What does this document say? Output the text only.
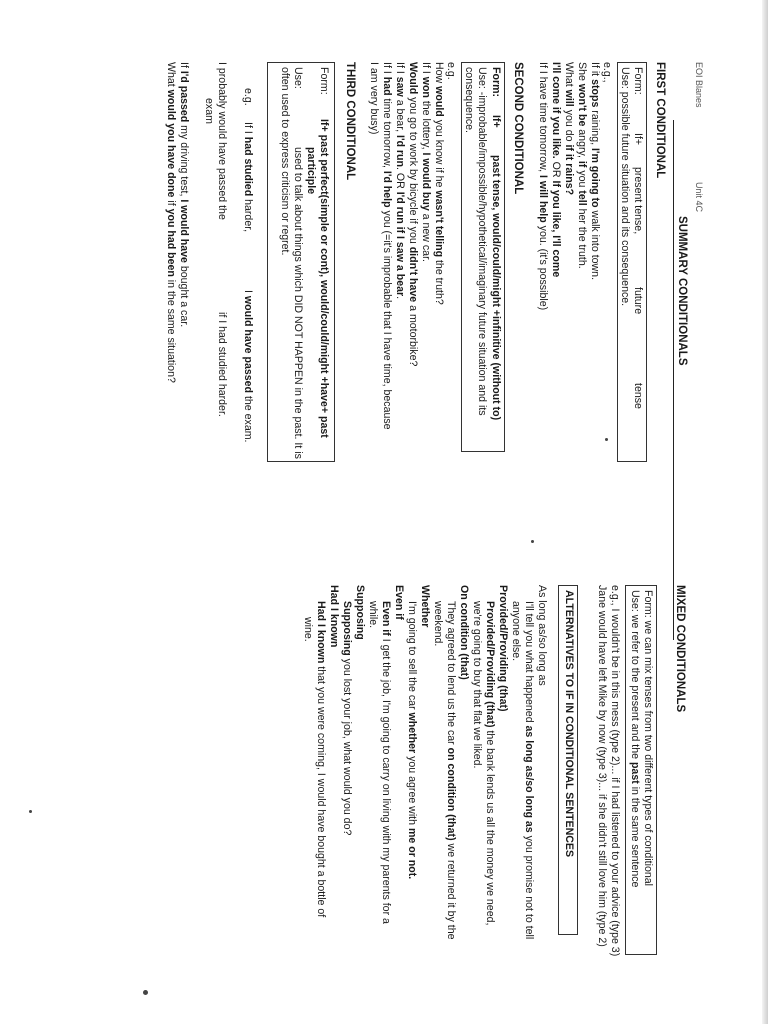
EOI Blanes
Unit 4C
SUMMARY CONDITIONALS

FIRST CONDITIONAL
Form:
If+
present tense,
future
tense
Use: possible future situation and its consequence.
e.g.,
If it stops raining, I'm going to walk into town.
She won't be angry, if you tell her the truth.
What will you do if it rains?
I'll come if you like. OR If you like, I'll come
If I have time tomorrow, I will help you. (it's possible)
SECOND CONDITIONAL
Form:
If+
past tense, would/could/might +infinitive (without to)
Use: -improbable/impossible/hypothetical/imaginary future situation and its
consequence.
e.g.
How would you know if he wasn't telling the truth?
If I won the lottery, I would buy a new car.
Would you go to work by bicycle if you didn't have a motorbike?
If I saw a bear, I'd run. OR I'd run if I saw a bear.
If I had time tomorrow, I'd help you (=it's improbable that I have time, because
I am very busy)
THIRD CONDITIONAL
Form:
If+ past perfect(simple or cont), would/could/might +have+ past
participle
Use:
used to talk about things which DID NOT HAPPEN in the past. It is
often used to express criticism or regret.
e.g.
If I had studied harder,
I would have passed the exam.
I probably would have passed the
if I had studied harder.
exam
If I'd passed my driving test, I would have bought a car.
What would you have done if you had been in the same situation?
MIXED CONDITIONALS
Form: we can mix tenses from two different types of conditional
Use: we refer to the present and the past in the same sentence
e.g., I wouldn't be in this mess (type 2)... if I had listened to your advice (type 3)
Jane would have left Mike by now (type 3)... if she didn't still love him (type 2)
ALTERNATIVES TO IF IN CONDITIONAL SENTENCES
As long as/so long as
I'll tell you what happened as long as/so long as you promise not to tell
anyone else.
Provided/Providing (that)
Provided/Providing (that) the bank lends us all the money we need,
we're going to buy that flat we liked.
On condition (that)
They agreed to lend us the car on condition (that) we returned it by the
weekend.
Whether
I'm going to sell the car whether you agree with me or not.
Even if
Even if I get the job, I'm going to carry on living with my parents for a
while.
Supposing
Supposing you lost your job, what would you do?
Had I known
Had I known that you were coming, I would have bought a bottle of
wine.
